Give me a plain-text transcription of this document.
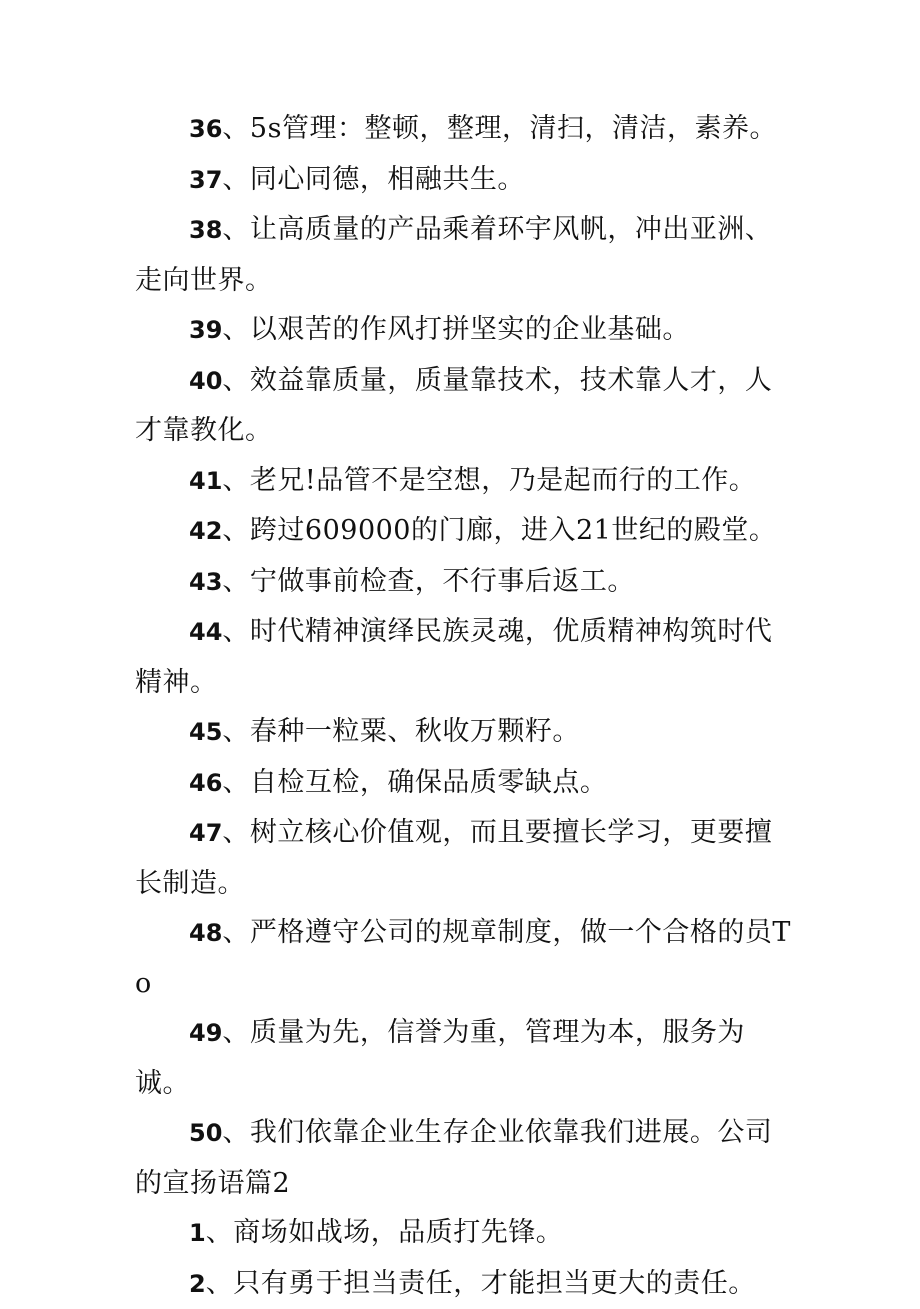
36、5s管理：整顿，整理，清扫，清洁，素养。

37、同心同德，相融共生。

38、让高质量的产品乘着环宇风帆，冲出亚洲、走向世界。

39、以艰苦的作风打拼坚实的企业基础。

40、效益靠质量，质量靠技术，技术靠人才，人才靠教化。

41、老兄!品管不是空想，乃是起而行的工作。

42、跨过609000的门廊，进入21世纪的殿堂。

43、宁做事前检查，不行事后返工。

44、时代精神演绎民族灵魂，优质精神构筑时代精神。

45、春种一粒粟、秋收万颗籽。

46、自检互检，确保品质零缺点。

47、树立核心价值观，而且要擅长学习，更要擅长制造。

48、严格遵守公司的规章制度，做一个合格的员To

49、质量为先，信誉为重，管理为本，服务为诚。

50、我们依靠企业生存企业依靠我们进展。公司的宣扬语篇2

1、商场如战场，品质打先锋。

2、只有勇于担当责任，才能担当更大的责任。
